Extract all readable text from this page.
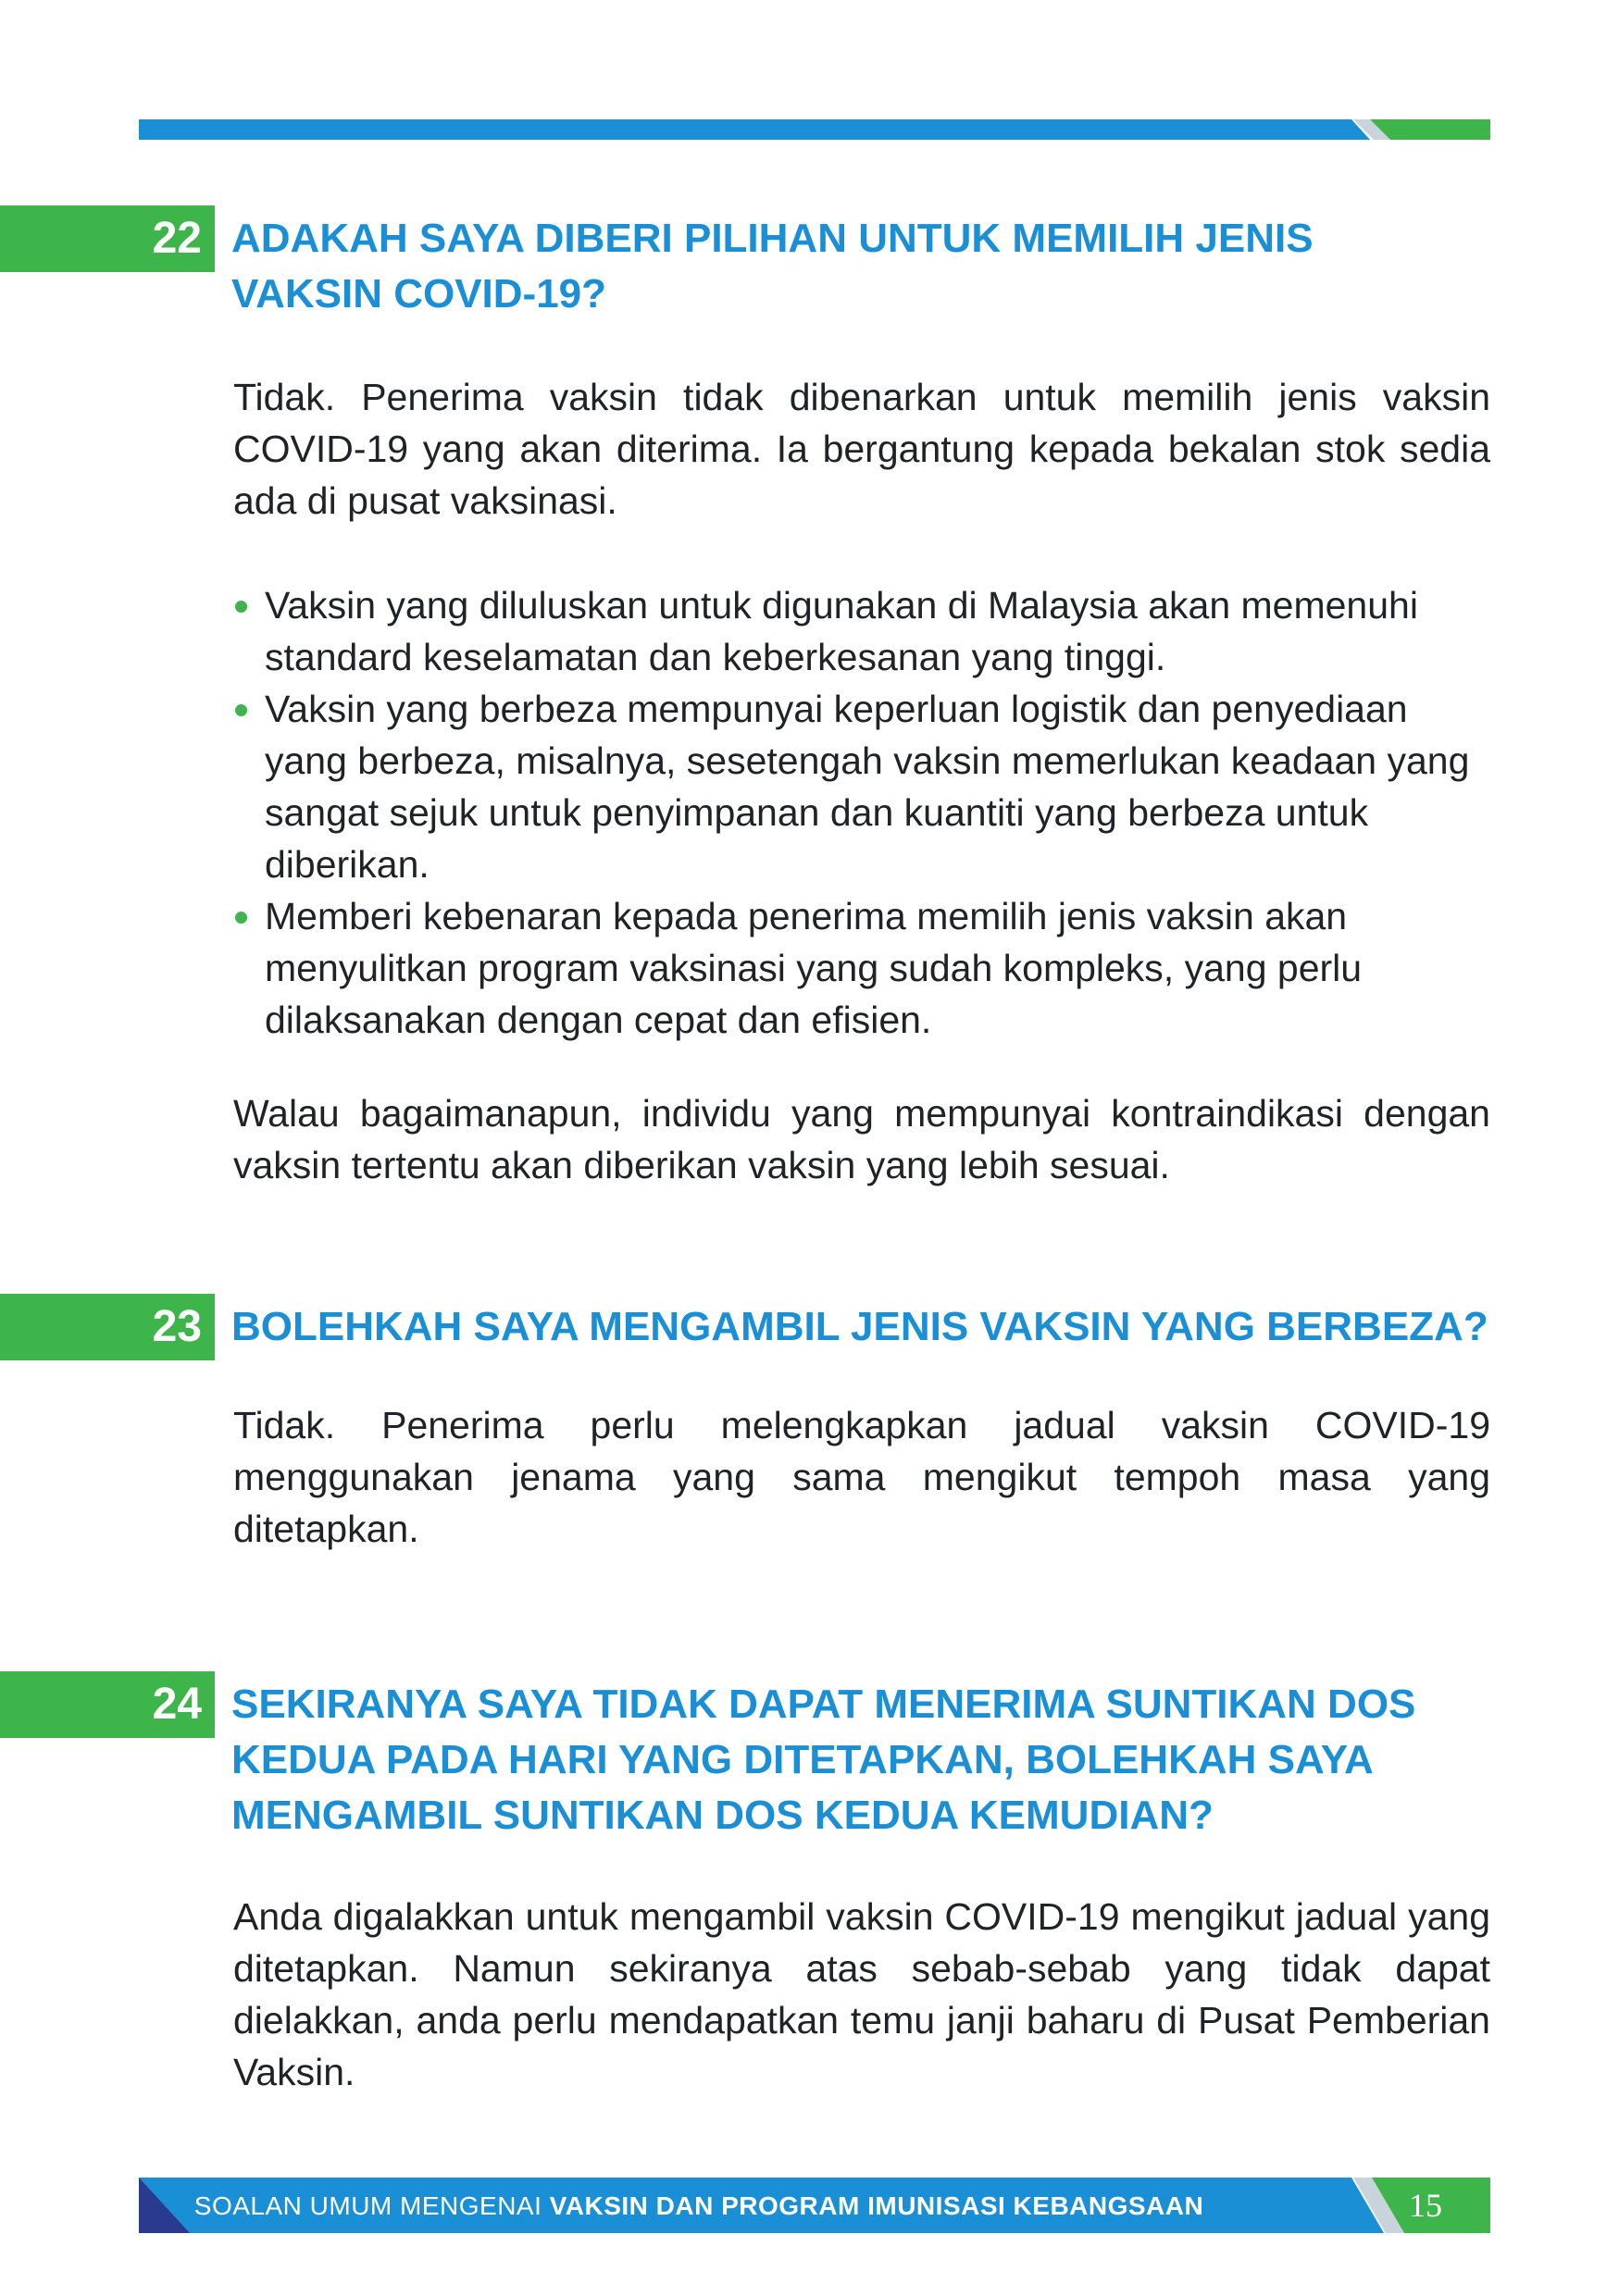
22 ADAKAH SAYA DIBERI PILIHAN UNTUK MEMILIH JENIS
VAKSIN COVID-19?

Tidak. Penerima vaksin tidak dibenarkan untuk memilih jenis vaksin COVID-19 yang akan diterima. Ia bergantung kepada bekalan stok sedia ada di pusat vaksinasi.

Vaksin yang diluluskan untuk digunakan di Malaysia akan memenuhi standard keselamatan dan keberkesanan yang tinggi.
Vaksin yang berbeza mempunyai keperluan logistik dan penyediaan yang berbeza, misalnya, sesetengah vaksin memerlukan keadaan yang sangat sejuk untuk penyimpanan dan kuantiti yang berbeza untuk diberikan.
Memberi kebenaran kepada penerima memilih jenis vaksin akan menyulitkan program vaksinasi yang sudah kompleks, yang perlu dilaksanakan dengan cepat dan efisien.

Walau bagaimanapun, individu yang mempunyai kontraindikasi dengan vaksin tertentu akan diberikan vaksin yang lebih sesuai.

23 BOLEHKAH SAYA MENGAMBIL JENIS VAKSIN YANG BERBEZA?

Tidak. Penerima perlu melengkapkan jadual vaksin COVID-19 menggunakan jenama yang sama mengikut tempoh masa yang ditetapkan.

24 SEKIRANYA SAYA TIDAK DAPAT MENERIMA SUNTIKAN DOS
KEDUA PADA HARI YANG DITETAPKAN, BOLEHKAH SAYA
MENGAMBIL SUNTIKAN DOS KEDUA KEMUDIAN?

Anda digalakkan untuk mengambil vaksin COVID-19 mengikut jadual yang ditetapkan. Namun sekiranya atas sebab-sebab yang tidak dapat dielakkan, anda perlu mendapatkan temu janji baharu di Pusat Pemberian Vaksin.

SOALAN UMUM MENGENAI VAKSIN DAN PROGRAM IMUNISASI KEBANGSAAN	15
